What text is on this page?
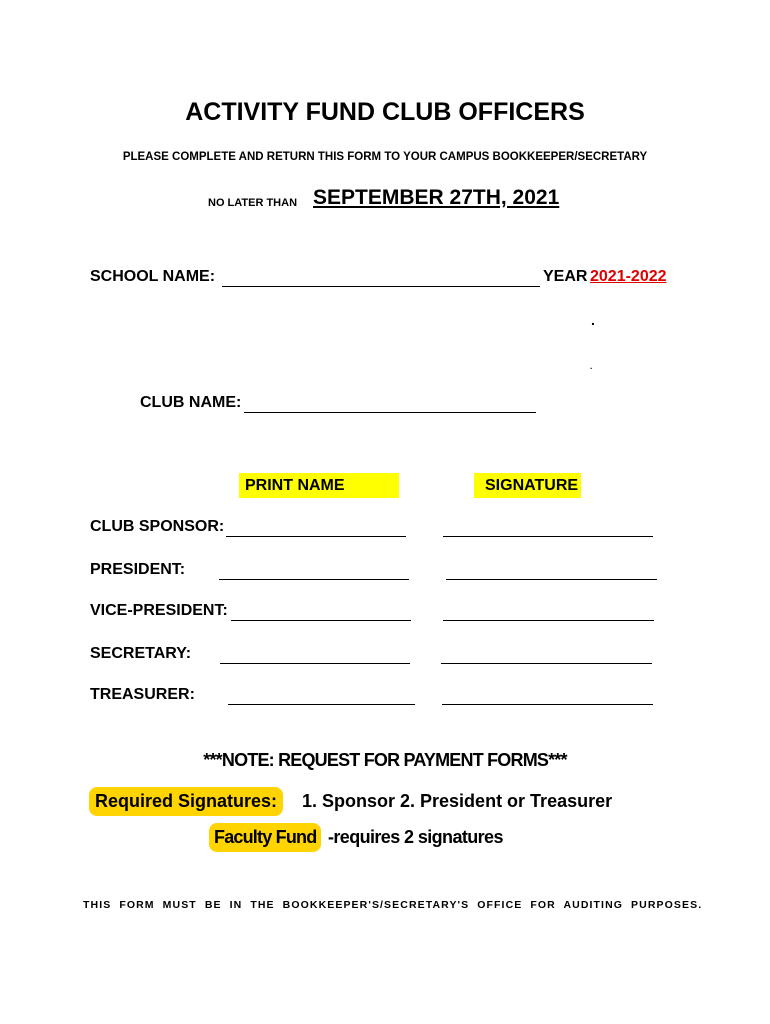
ACTIVITY FUND CLUB OFFICERS
PLEASE COMPLETE AND RETURN THIS FORM TO YOUR CAMPUS BOOKKEEPER/SECRETARY
NO LATER THAN SEPTEMBER 27TH, 2021
SCHOOL NAME:	YEAR 2021-2022
.
.
CLUB NAME:
PRINT NAME	SIGNATURE
CLUB SPONSOR:
PRESIDENT:
VICE-PRESIDENT:
SECRETARY:
TREASURER:
***NOTE: REQUEST FOR PAYMENT FORMS***
Required Signatures:	1. Sponsor 2. President or Treasurer
Faculty Fund -requires 2 signatures
THIS FORM MUST BE IN THE BOOKKEEPER'S/SECRETARY'S OFFICE FOR AUDITING PURPOSES.
